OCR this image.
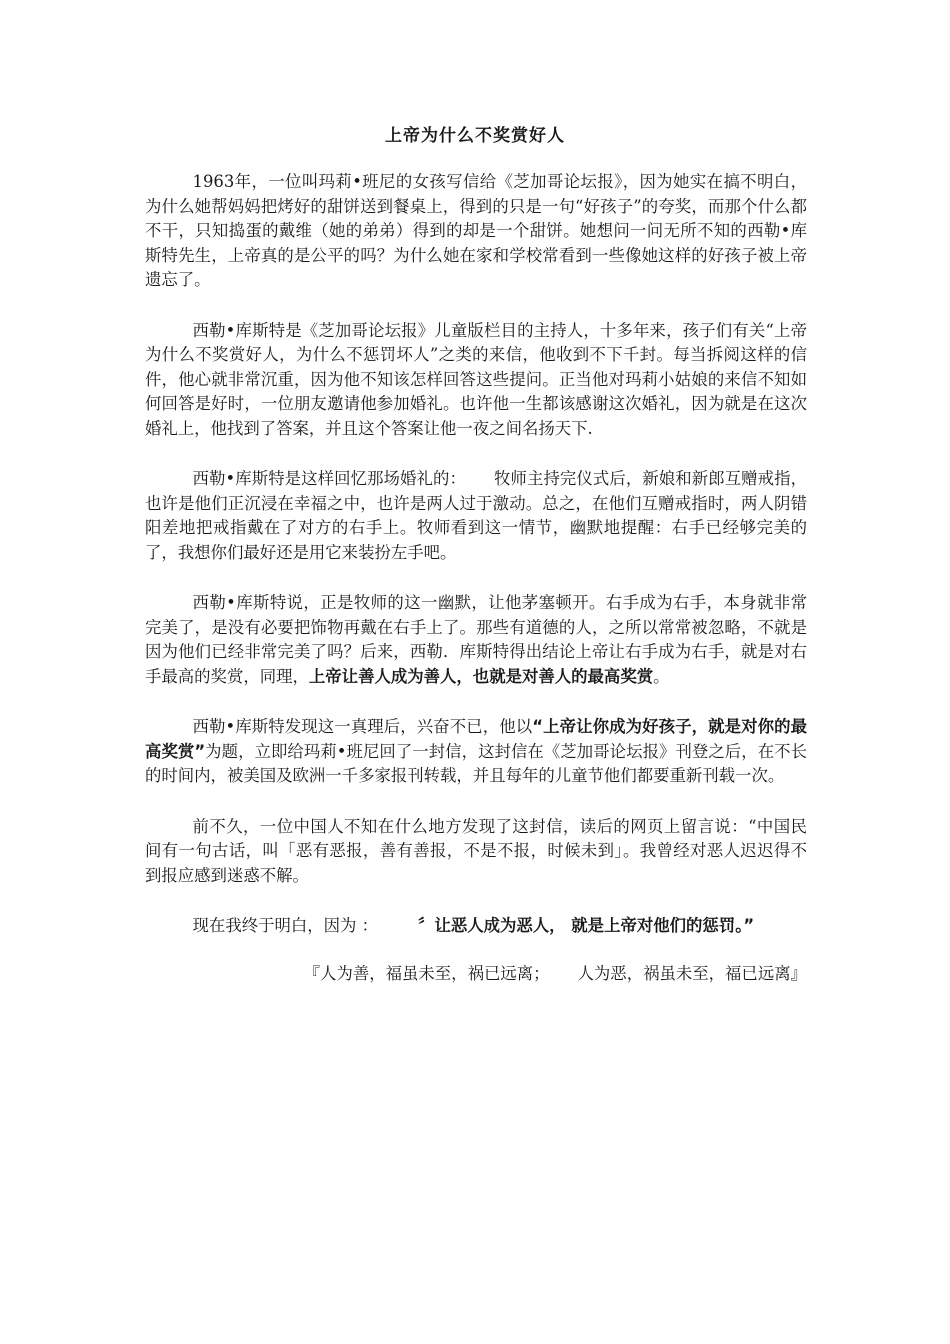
上帝为什么不奖赏好人

1963年，一位叫玛莉•班尼的女孩写信给《芝加哥论坛报》，因为她实在搞不明白，为什么她帮妈妈把烤好的甜饼送到餐桌上，得到的只是一句“好孩子”的夸奖，而那个什么都不干，只知捣蛋的戴维（她的弟弟）得到的却是一个甜饼。她想问一问无所不知的西勒•库斯特先生，上帝真的是公平的吗？为什么她在家和学校常看到一些像她这样的好孩子被上帝遗忘了。

西勒•库斯特是《芝加哥论坛报》儿童版栏目的主持人，十多年来，孩子们有关“上帝为什么不奖赏好人，为什么不惩罚坏人”之类的来信，他收到不下千封。每当拆阅这样的信件，他心就非常沉重，因为他不知该怎样回答这些提问。正当他对玛莉小姑娘的来信不知如何回答是好时，一位朋友邀请他参加婚礼。也许他一生都该感谢这次婚礼，因为就是在这次婚礼上，他找到了答案，并且这个答案让他一夜之间名扬天下.

西勒•库斯特是这样回忆那场婚礼的： 牧师主持完仪式后，新娘和新郎互赠戒指，也许是他们正沉浸在幸福之中，也许是两人过于激动。总之，在他们互赠戒指时，两人阴错阳差地把戒指戴在了对方的右手上。牧师看到这一情节，幽默地提醒：右手已经够完美的了，我想你们最好还是用它来装扮左手吧。

西勒•库斯特说，正是牧师的这一幽默，让他茅塞顿开。右手成为右手，本身就非常完美了，是没有必要把饰物再戴在右手上了。那些有道德的人，之所以常常被忽略，不就是因为他们已经非常完美了吗？后来，西勒．库斯特得出结论上帝让右手成为右手，就是对右手最高的奖赏，同理，上帝让善人成为善人，也就是对善人的最高奖赏。

西勒•库斯特发现这一真理后，兴奋不已，他以“上帝让你成为好孩子，就是对你的最高奖赏”为题，立即给玛莉•班尼回了一封信，这封信在《芝加哥论坛报》刊登之后，在不长的时间内，被美国及欧洲一千多家报刊转载，并且每年的儿童节他们都要重新刊载一次。

前不久，一位中国人不知在什么地方发现了这封信，读后的网页上留言说：“中国民间有一句古话，叫「恶有恶报，善有善报，不是不报，时候未到」。我曾经对恶人迟迟得不到报应感到迷惑不解。

现在我终于明白，因为 ： 〞让恶人成为恶人， 就是上帝对他们的惩罚。”

『人为善，福虽未至，祸已远离； 人为恶，祸虽未至，福已远离』
